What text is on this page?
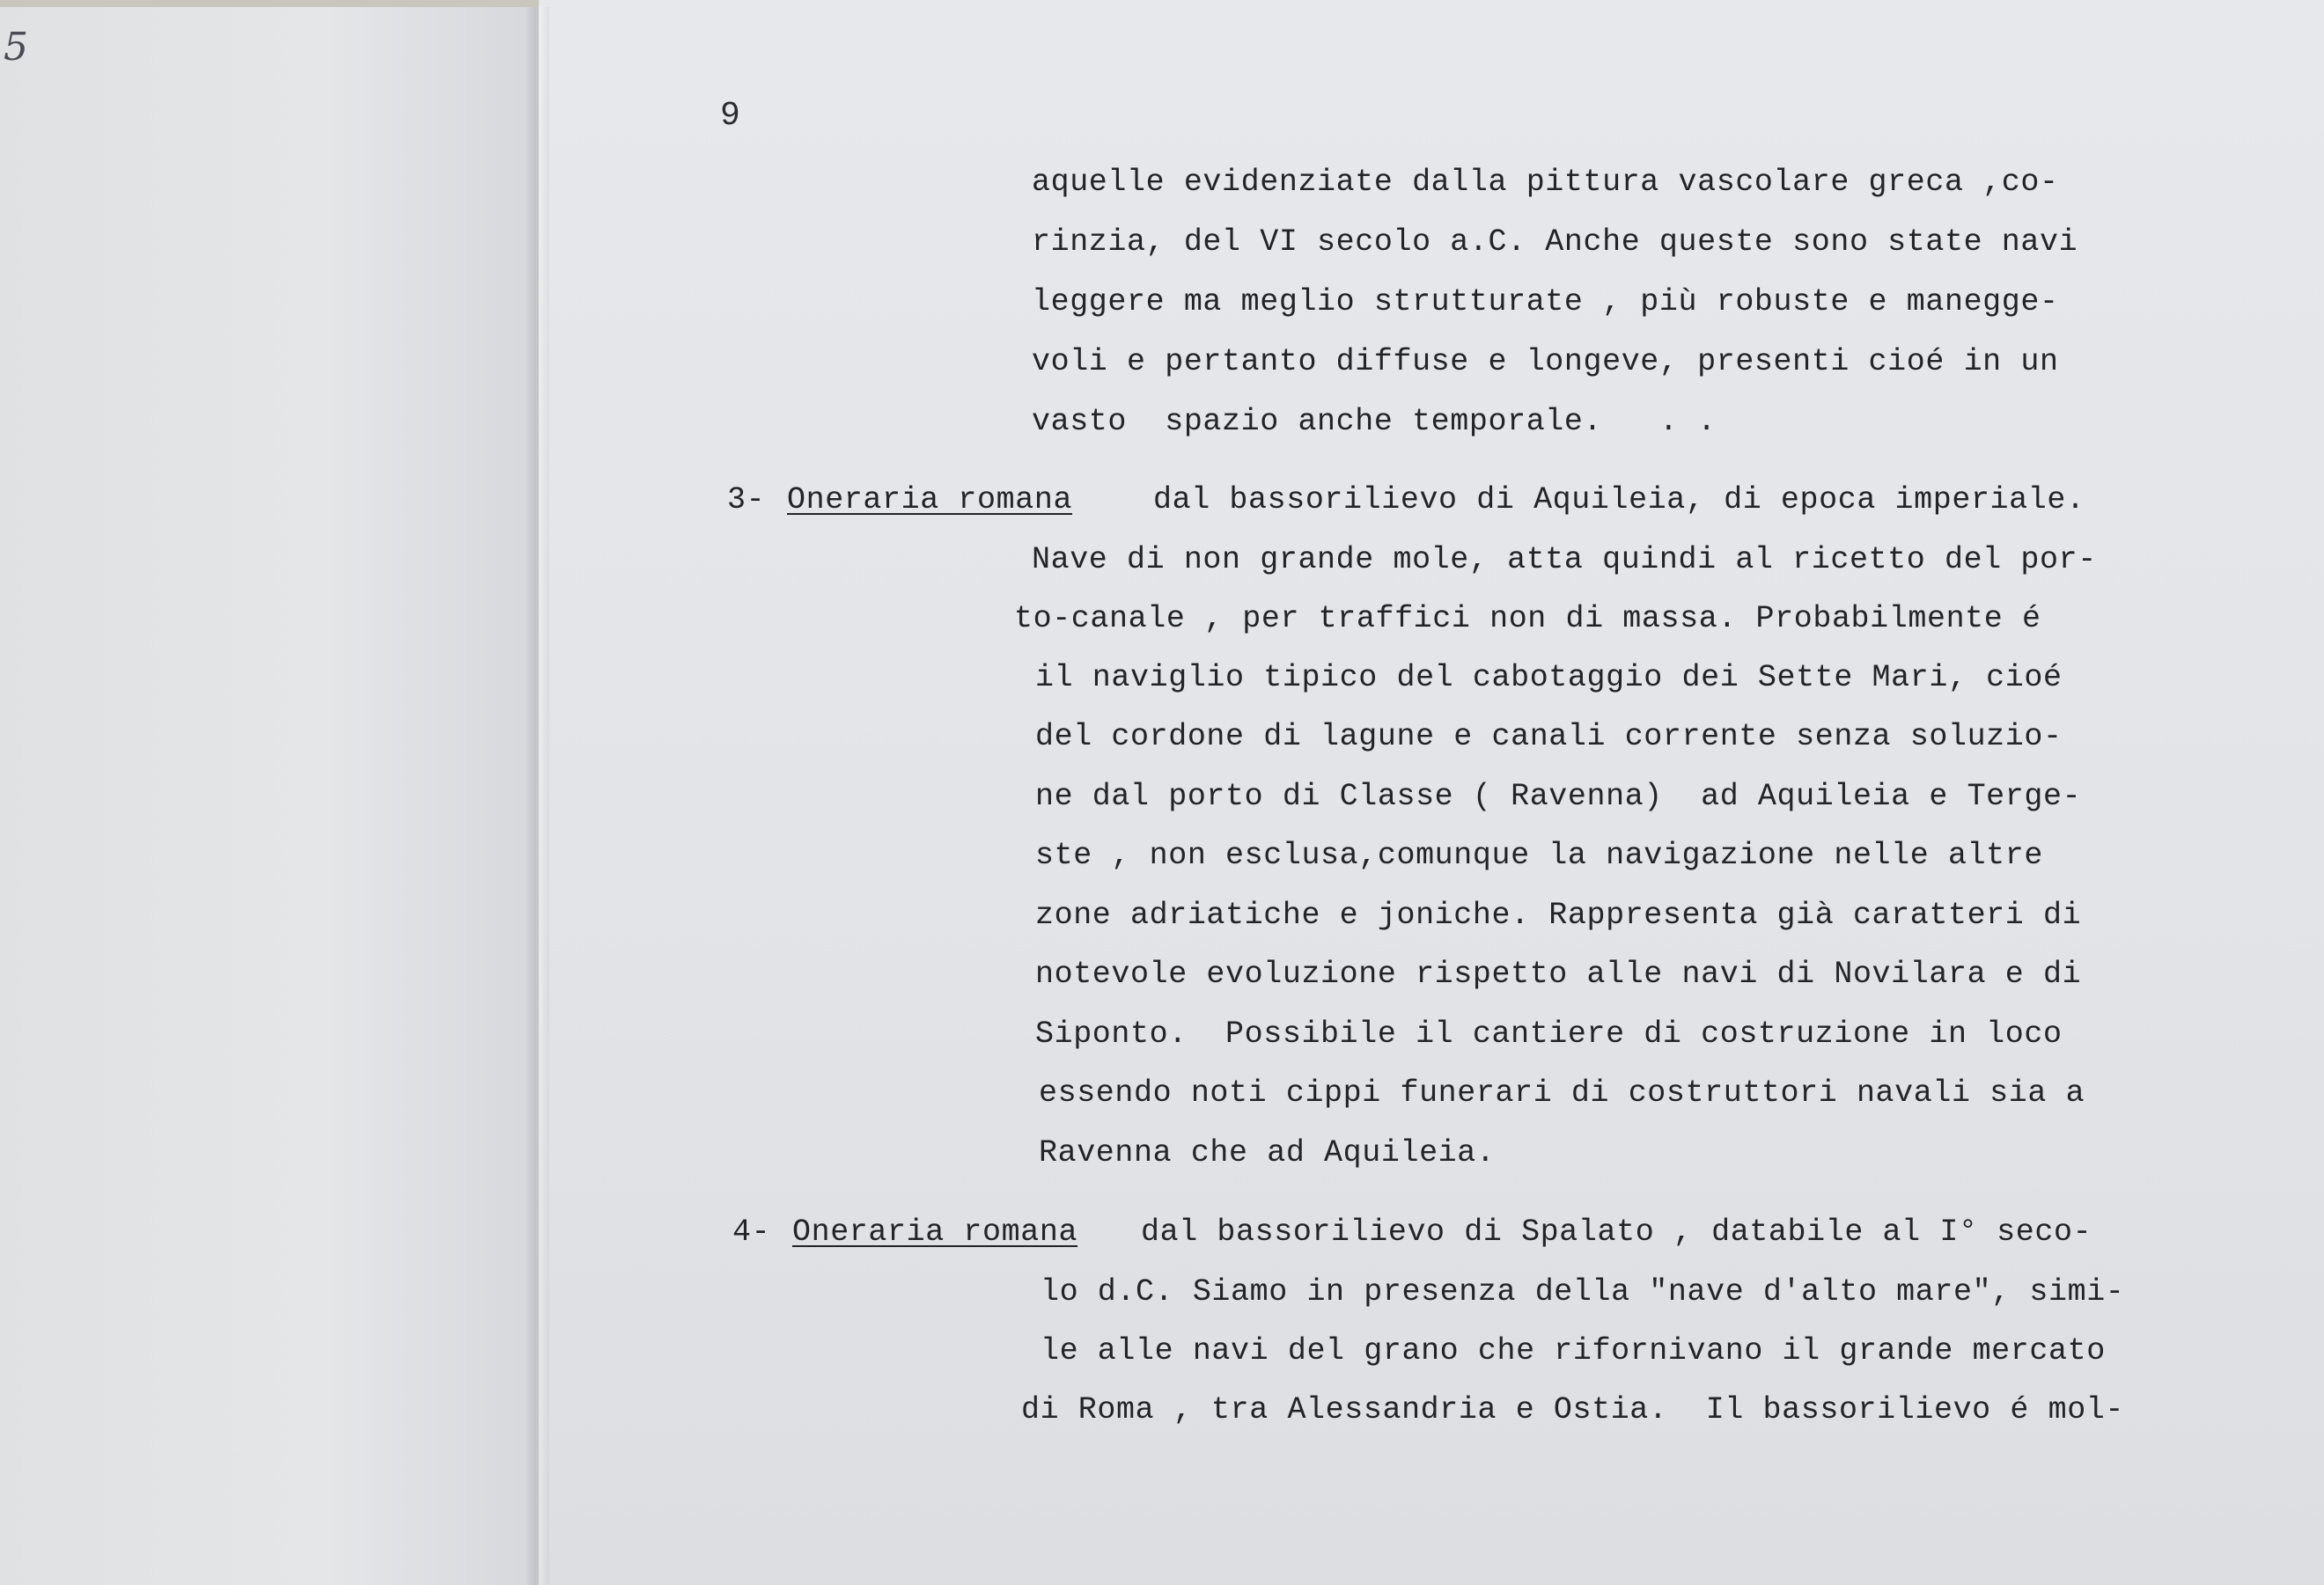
5
9
aquelle evidenziate dalla pittura vascolare greca ,co-
rinzia, del VI secolo a.C. Anche queste sono state navi
leggere ma meglio strutturate , più robuste e manegge-
voli e pertanto diffuse e longeve, presenti cioé in un
vasto  spazio anche temporale.   . .
3- Oneraria romana	dal bassorilievo di Aquileia, di epoca imperiale.
Nave di non grande mole, atta quindi al ricetto del por-
to-canale , per traffici non di massa. Probabilmente é
il naviglio tipico del cabotaggio dei Sette Mari, cioé
del cordone di lagune e canali corrente senza soluzio-
ne dal porto di Classe ( Ravenna)  ad Aquileia e Terge-
ste , non esclusa,comunque la navigazione nelle altre
zone adriatiche e joniche. Rappresenta già caratteri di
notevole evoluzione rispetto alle navi di Novilara e di
Siponto.  Possibile il cantiere di costruzione in loco
essendo noti cippi funerari di costruttori navali sia a
Ravenna che ad Aquileia.
4- Oneraria romana dal bassorilievo di Spalato , databile al I° seco-
lo d.C. Siamo in presenza della "nave d'alto mare", simi-
le alle navi del grano che rifornivano il grande mercato
di Roma , tra Alessandria e Ostia.  Il bassorilievo é mol-
